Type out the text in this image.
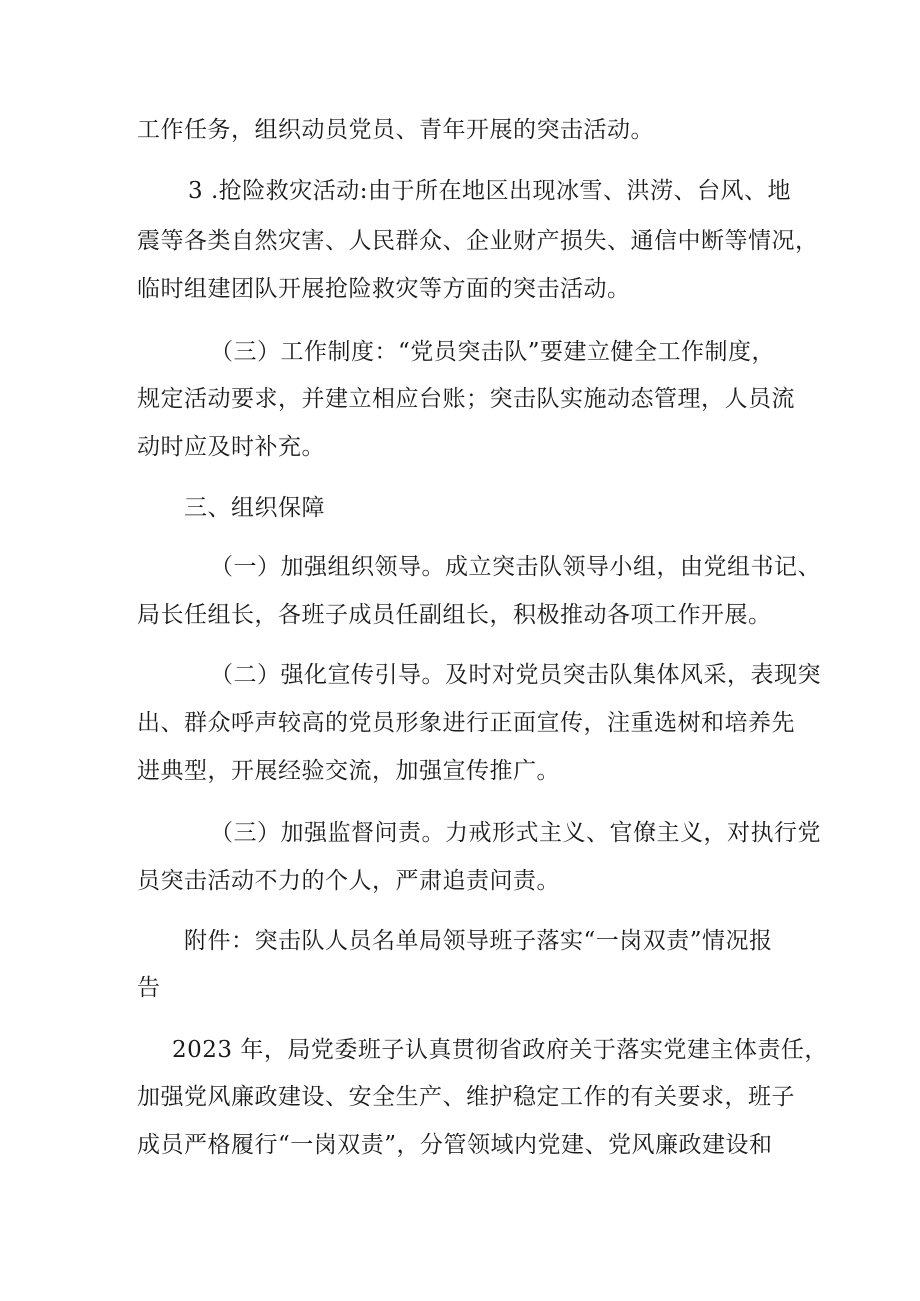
工作任务，组织动员党员、青年开展的突击活动。
3 .抢险救灾活动:由于所在地区出现冰雪、洪涝、台风、地
震等各类自然灾害、人民群众、企业财产损失、通信中断等情况，
临时组建团队开展抢险救灾等方面的突击活动。
（三）工作制度：“党员突击队”要建立健全工作制度，
规定活动要求，并建立相应台账；突击队实施动态管理，人员流
动时应及时补充。
三、组织保障
（一）加强组织领导。成立突击队领导小组，由党组书记、
局长任组长，各班子成员任副组长，积极推动各项工作开展。
（二）强化宣传引导。及时对党员突击队集体风采，表现突
出、群众呼声较高的党员形象进行正面宣传，注重选树和培养先
进典型，开展经验交流，加强宣传推广。
（三）加强监督问责。力戒形式主义、官僚主义，对执行党
员突击活动不力的个人，严肃追责问责。
附件：突击队人员名单局领导班子落实“一岗双责”情况报
告
2023 年，局党委班子认真贯彻省政府关于落实党建主体责任，
加强党风廉政建设、安全生产、维护稳定工作的有关要求，班子
成员严格履行“一岗双责”，分管领域内党建、党风廉政建设和
